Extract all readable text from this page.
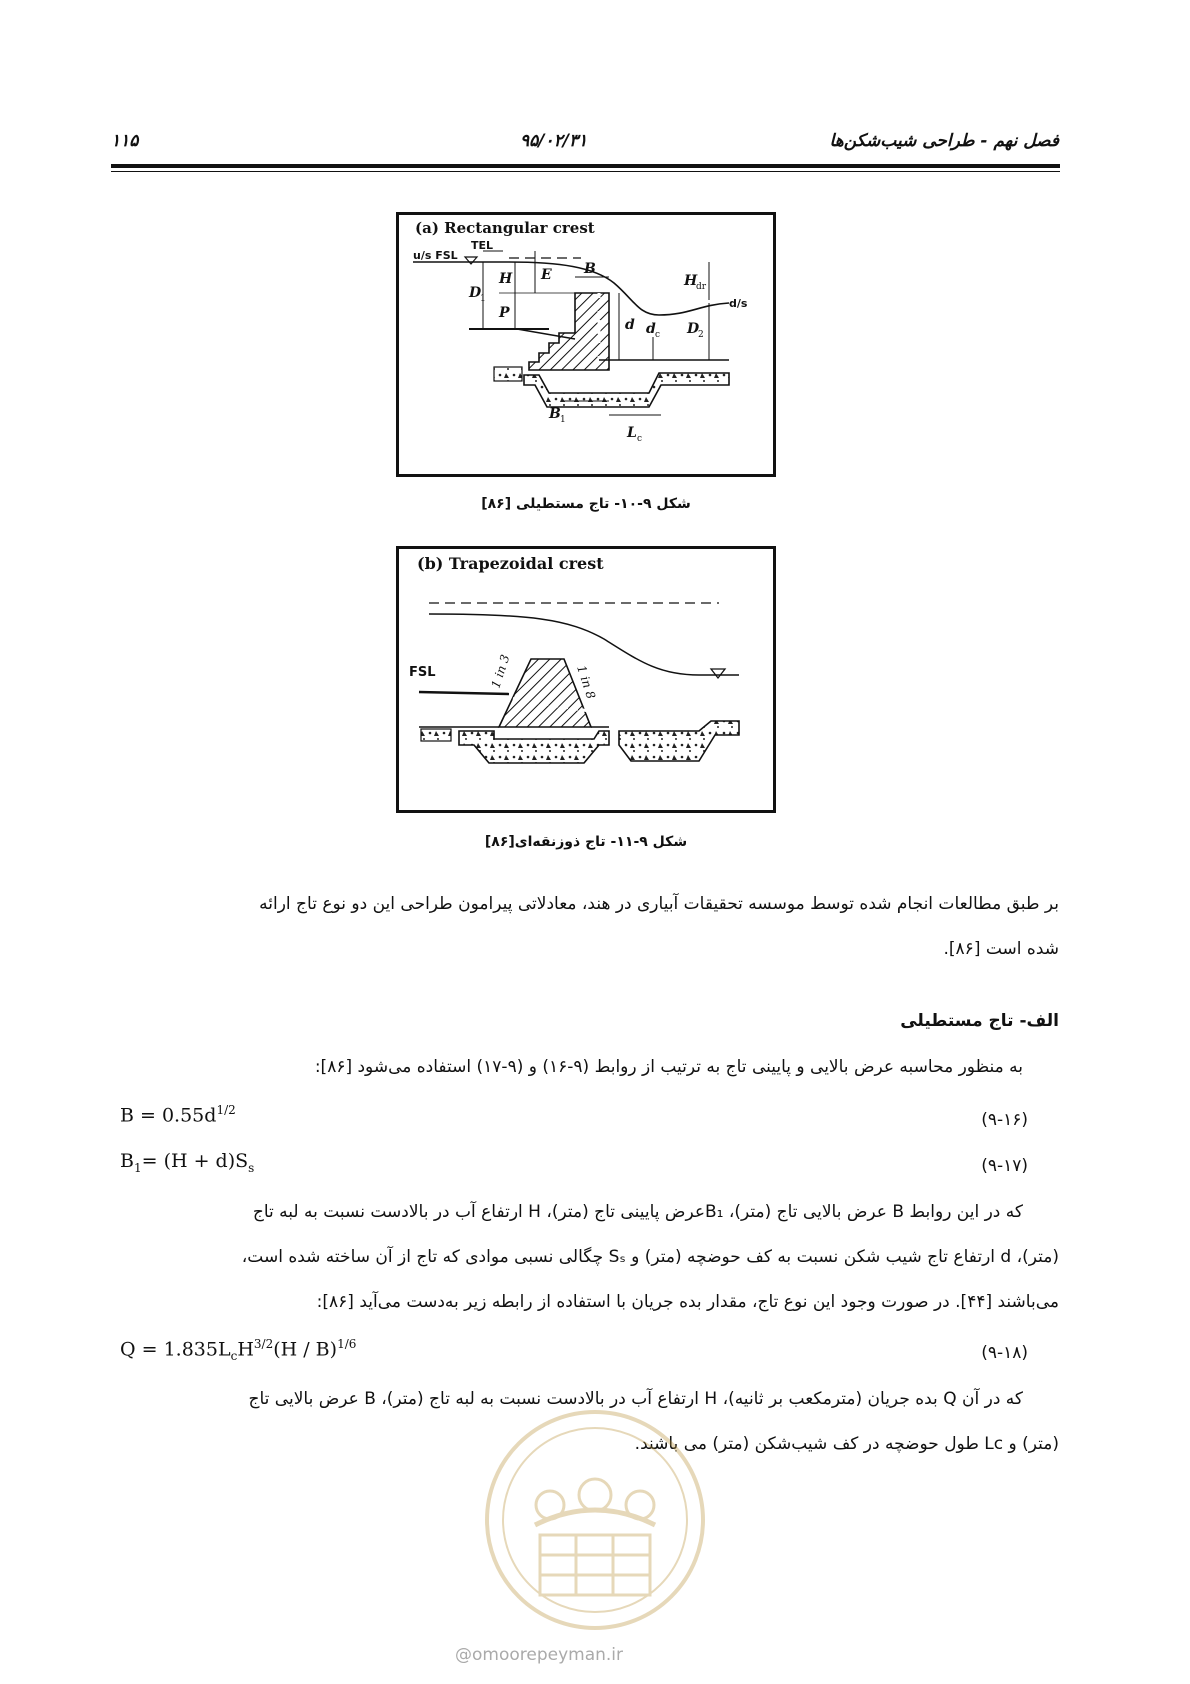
فصل نهم - طراحی شیب‌شکن‌ها
۹۵/۰۲/۳۱
۱۱۵
(a) Rectangular crest
u/s FSL
TEL
D
1
H E
P
B
d d c D
2
H
dr
d/s
B 1
L c
شکل ۹-۱۰- تاج مستطیلی [۸۶]
(b) Trapezoidal crest
FSL	1 in 3	1 in 8
شکل ۹-۱۱- تاج ذوزنقه‌ای[۸۶]
بر طبق مطالعات انجام شده توسط موسسه تحقیقات آبیاری در هند، معادلاتی پیرامون طراحی این دو نوع تاج ارائه
شده است [۸۶].
الف- تاج مستطیلی
به منظور محاسبه عرض بالایی و پایینی تاج به ترتیب از روابط (۹-۱۶) و (۹-۱۷) استفاده می‌شود [۸۶]:
$B = 0.55d^{1/2}$	(۹-۱۶)
$B_1= (H + d)S_s$	(۹-۱۷)
که در این روابط B عرض بالایی تاج (متر)، B₁عرض پایینی تاج (متر)، H ارتفاع آب در بالادست نسبت به لبه تاج
(متر)، d ارتفاع تاج شیب شکن نسبت به کف حوضچه (متر) و Sₛ چگالی نسبی موادی که تاج از آن ساخته شده است،
می‌باشند [۴۴]. در صورت وجود این نوع تاج، مقدار بده جریان با استفاده از رابطه زیر به‌دست می‌آید [۸۶]:
$Q = 1.835L_cH^{3/2}(H / B)^{1/6}$	(۹-۱۸)
که در آن Q بده جریان (مترمکعب بر ثانیه)، H ارتفاع آب در بالادست نسبت به لبه تاج (متر)، B عرض بالایی تاج
(متر) و Lᴄ طول حوضچه در کف شیب‌شکن (متر) می باشند.
@omoorepeyman.ir
